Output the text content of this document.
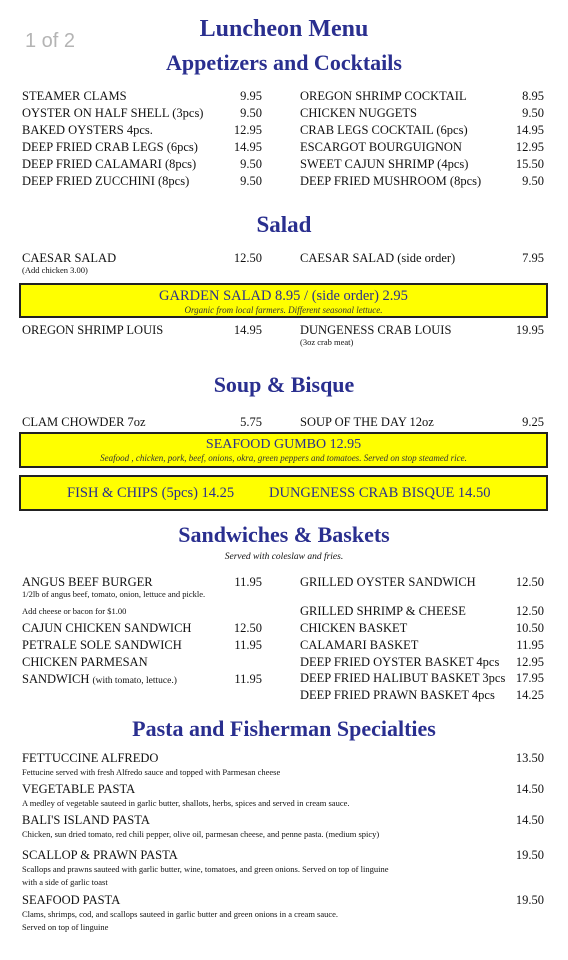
1 of 2	Luncheon Menu
Appetizers and Cocktails
Salad
CAESAR SALAD	12.50
(Add chicken 3.00)
CAESAR SALAD (side order)	7.95
GARDEN SALAD 8.95 / (side order) 2.95
Organic from local farmers. Different seasonal lettuce.
OREGON SHRIMP LOUIS	14.95	DUNGENESS CRAB LOUIS	19.95
(3oz crab meat)
Soup & Bisque
CLAM CHOWDER 7oz	5.75	SOUP OF THE DAY 12oz	9.25
SEAFOOD GUMBO 12.95
Seafood , chicken, pork, beef, onions, okra, green peppers and tomatoes. Served on stop steamed rice.
FISH & CHIPS (5pcs) 14.25 DUNGENESS CRAB BISQUE 14.50
Sandwiches & Baskets
Served with coleslaw and fries.
ANGUS BEEF BURGER	11.95
1/2lb of angus beef, tomato, onion, lettuce and pickle.
Add cheese or bacon for $1.00
CHICKEN PARMESAN
SANDWICH (with tomato, lettuce.)	11.95
Pasta and Fisherman Specialties
STEAMER CLAMS	9.95
OYSTER ON HALF SHELL (3pcs)	9.50
BAKED OYSTERS 4pcs.	12.95
DEEP FRIED CRAB LEGS (6pcs)	14.95
DEEP FRIED CALAMARI (8pcs)	9.50
DEEP FRIED ZUCCHINI (8pcs)	9.50
OREGON SHRIMP COCKTAIL	8.95
CHICKEN NUGGETS	9.50
CRAB LEGS COCKTAIL (6pcs)	14.95
ESCARGOT BOURGUIGNON	12.95
SWEET CAJUN SHRIMP (4pcs)	15.50
DEEP FRIED MUSHROOM (8pcs)	9.50
CAJUN CHICKEN SANDWICH	12.50
PETRALE SOLE SANDWICH	11.95
GRILLED OYSTER SANDWICH	12.50
GRILLED SHRIMP & CHEESE	12.50
CHICKEN BASKET	10.50
CALAMARI BASKET	11.95
DEEP FRIED OYSTER BASKET 4pcs	12.95
DEEP FRIED HALIBUT BASKET 3pcs 17.95
DEEP FRIED PRAWN BASKET 4pcs	14.25
FETTUCCINE ALFREDO	13.50
Fettucine served with fresh Alfredo sauce and topped with Parmesan cheese
VEGETABLE PASTA	14.50
A medley of vegetable sauteed in garlic butter, shallots, herbs, spices and served in cream sauce.
BALI'S ISLAND PASTA	14.50
Chicken, sun dried tomato, red chili pepper, olive oil, parmesan cheese, and penne pasta. (medium spicy)
SCALLOP & PRAWN PASTA	19.50
Scallops and prawns sauteed with garlic butter, wine, tomatoes, and green onions. Served on top of linguine
with a side of garlic toast
SEAFOOD PASTA	19.50
Clams, shrimps, cod, and scallops sauteed in garlic butter and green onions in a cream sauce.
Served on top of linguine
